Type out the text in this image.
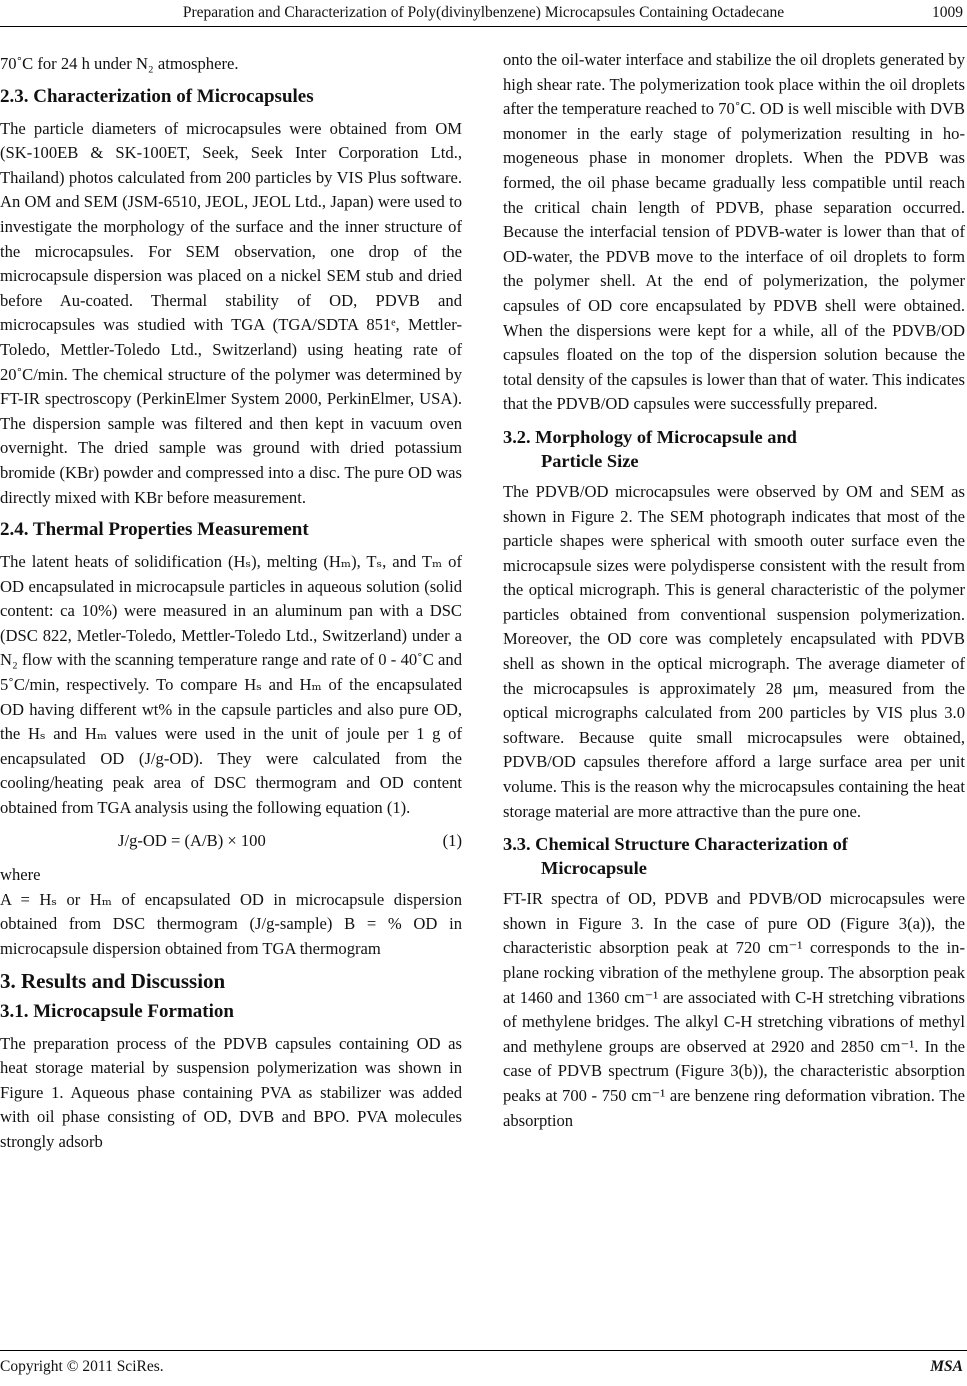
Preparation and Characterization of Poly(divinylbenzene) Microcapsules Containing Octadecane	1009

70˚C for 24 h under N₂ atmosphere.

2.3. Characterization of Microcapsules

The particle diameters of microcapsules were obtained from OM (SK-100EB & SK-100ET, Seek, Seek Inter Corporation Ltd., Thailand) photos calculated from 200 particles by VIS Plus software. An OM and SEM (JSM-6510, JEOL, JEOL Ltd., Japan) were used to investigate the morphology of the surface and the inner structure of the microcapsules. For SEM observation, one drop of the microcapsule dispersion was placed on a nickel SEM stub and dried before Au-coated. Thermal stability of OD, PDVB and microcapsules was studied with TGA (TGA/SDTA 851ᵉ, Mettler-Toledo, Mettler-Toledo Ltd., Switzerland) using heating rate of 20˚C/min. The chemical structure of the polymer was determined by FT-IR spectroscopy (PerkinElmer System 2000, PerkinElmer, USA). The dispersion sample was filtered and then kept in vacuum oven overnight. The dried sample was ground with dried potassium bromide (KBr) powder and compressed into a disc. The pure OD was directly mixed with KBr before measurement.

2.4. Thermal Properties Measurement

The latent heats of solidification (Hₛ), melting (Hₘ), Tₛ, and Tₘ of OD encapsulated in microcapsule particles in aqueous solution (solid content: ca 10%) were measured in an aluminum pan with a DSC (DSC 822, Metler-Toledo, Mettler-Toledo Ltd., Switzerland) under a N₂ flow with the scanning temperature range and rate of 0 - 40˚C and 5˚C/min, respectively. To compare Hₛ and Hₘ of the encapsulated OD having different wt% in the capsule particles and also pure OD, the Hₛ and Hₘ values were used in the unit of joule per 1 g of encapsulated OD (J/g-OD). They were calculated from the cooling/heating peak area of DSC thermogram and OD content obtained from TGA analysis using the following equation (1).

J/g-OD = (A/B) × 100	(1)

where

A = Hₛ or Hₘ of encapsulated OD in microcapsule dispersion obtained from DSC thermogram (J/g-sample) B = % OD in microcapsule dispersion obtained from TGA thermogram

3. Results and Discussion
3.1. Microcapsule Formation

The preparation process of the PDVB capsules containing OD as heat storage material by suspension polymerization was shown in Figure 1. Aqueous phase containing PVA as stabilizer was added with oil phase consisting of OD, DVB and BPO. PVA molecules strongly adsorb

onto the oil-water interface and stabilize the oil droplets generated by high shear rate. The polymerization took place within the oil droplets after the temperature reached to 70˚C. OD is well miscible with DVB monomer in the early stage of polymerization resulting in homogeneous phase in monomer droplets. When the PDVB was formed, the oil phase became gradually less compatible until reach the critical chain length of PDVB, phase separation occurred. Because the interfacial tension of PDVB-water is lower than that of OD-water, the PDVB move to the interface of oil droplets to form the polymer shell. At the end of polymerization, the polymer capsules of OD core encapsulated by PDVB shell were obtained. When the dispersions were kept for a while, all of the PDVB/OD capsules floated on the top of the dispersion solution because the total density of the capsules is lower than that of water. This indicates that the PDVB/OD capsules were successfully prepared.

3.2. Morphology of Microcapsule and
Particle Size

The PDVB/OD microcapsules were observed by OM and SEM as shown in Figure 2. The SEM photograph indicates that most of the particle shapes were spherical with smooth outer surface even the microcapsule sizes were polydisperse consistent with the result from the optical micrograph. This is general characteristic of the polymer particles obtained from conventional suspension polymerization. Moreover, the OD core was completely encapsulated with PDVB shell as shown in the optical micrograph. The average diameter of the microcapsules is approximately 28 μm, measured from the optical micrographs calculated from 200 particles by VIS plus 3.0 software. Because quite small microcapsules were obtained, PDVB/OD capsules therefore afford a large surface area per unit volume. This is the reason why the microcapsules containing the heat storage material are more attractive than the pure one.

3.3. Chemical Structure Characterization of
Microcapsule

FT-IR spectra of OD, PDVB and PDVB/OD microcapsules were shown in Figure 3. In the case of pure OD (Figure 3(a)), the characteristic absorption peak at 720 cm⁻¹ corresponds to the in-plane rocking vibration of the methylene group. The absorption peak at 1460 and 1360 cm⁻¹ are associated with C-H stretching vibrations of methylene bridges. The alkyl C-H stretching vibrations of methyl and methylene groups are observed at 2920 and 2850 cm⁻¹. In the case of PDVB spectrum (Figure 3(b)), the characteristic absorption peaks at 700 - 750 cm⁻¹ are benzene ring deformation vibration. The absorption

Copyright © 2011 SciRes.	MSA
